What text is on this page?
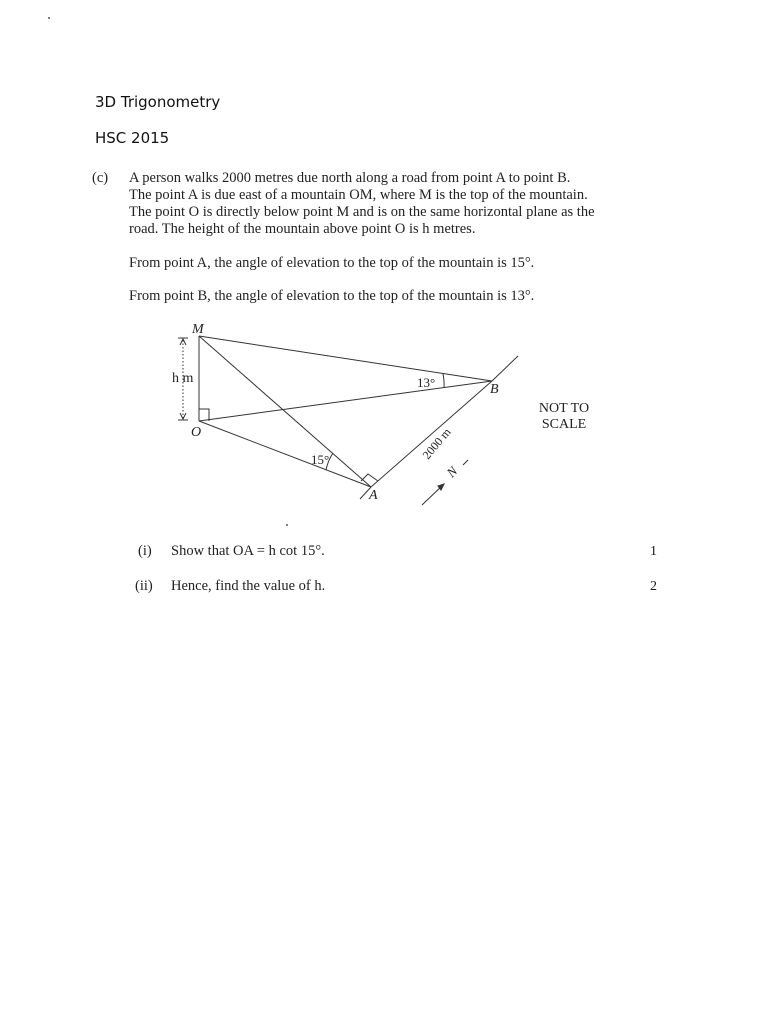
3D Trigonometry
HSC 2015
(c) A person walks 2000 metres due north along a road from point A to point B.
The point A is due east of a mountain OM, where M is the top of the mountain.
The point O is directly below point M and is on the same horizontal plane as the
road. The height of the mountain above point O is h metres.
From point A, the angle of elevation to the top of the mountain is 15°.
From point B, the angle of elevation to the top of the mountain is 13°.
M
O
A
B
h m	13°
15°	2000 m
N
NOT TO
SCALE
(i) Show that OA = h cot 15°.	1
(ii) Hence, find the value of h.	2
